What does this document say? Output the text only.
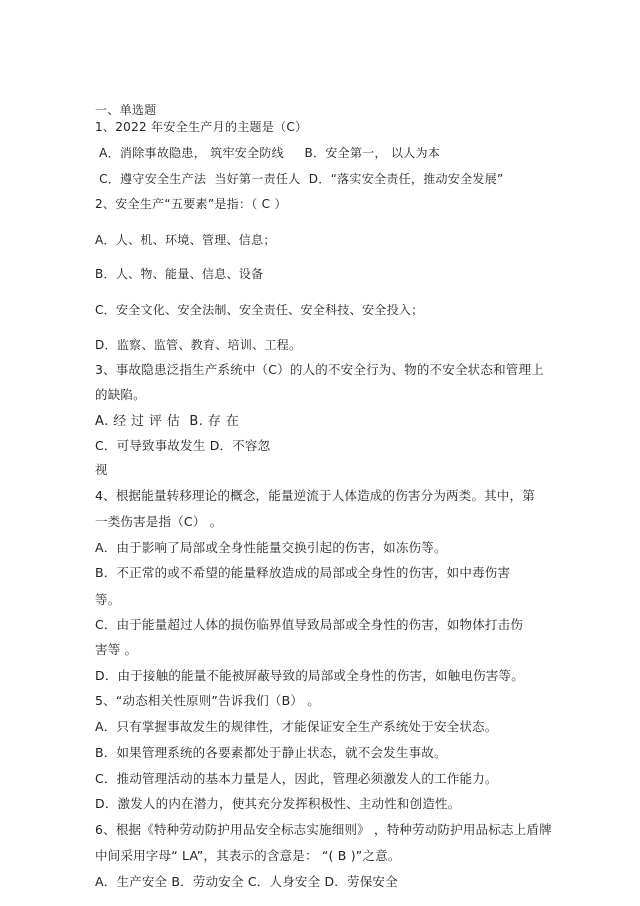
一、单选题
1、2022 年安全生产月的主题是（C）
A．消除事故隐患， 筑牢安全防线     B．安全第一， 以人为本
C．遵守安全生产法  当好第一责任人  D．“落实安全责任，推动安全发展”
2、安全生产“五要素”是指：（ C ）
A．人、机、环境、管理、信息；
B．人、物、能量、信息、设备
C．安全文化、安全法制、安全责任、安全科技、安全投入；
D．监察、监管、教育、培训、工程。
3、事故隐患泛指生产系统中（C）的人的不安全行为、物的不安全状态和管理上
的缺陷。
A. 经 过 评 估  B. 存 在
C．可导致事故发生 D．不容忽
视
4、根据能量转移理论的概念，能量逆流于人体造成的伤害分为两类。其中，第
一类伤害是指（C） 。
A．由于影响了局部或全身性能量交换引起的伤害，如冻伤等。
B．不正常的或不希望的能量释放造成的局部或全身性的伤害，如中毒伤害
等。
C．由于能量超过人体的损伤临界值导致局部或全身性的伤害，如物体打击伤
害等 。
D．由于接触的能量不能被屏蔽导致的局部或全身性的伤害，如触电伤害等。
5、“动态相关性原则”告诉我们（B） 。
A．只有掌握事故发生的规律性，才能保证安全生产系统处于安全状态。
B．如果管理系统的各要素都处于静止状态，就不会发生事故。
C．推动管理活动的基本力量是人，因此，管理必须激发人的工作能力。
D．激发人的内在潜力，使其充分发挥积极性、主动性和创造性。
6、根据《特种劳动防护用品安全标志实施细则》 ，特种劳动防护用品标志上盾牌
中间采用字母“ LA”，其表示的含意是： “( B )”之意。
A．生产安全 B．劳动安全 C．人身安全 D．劳保安全
